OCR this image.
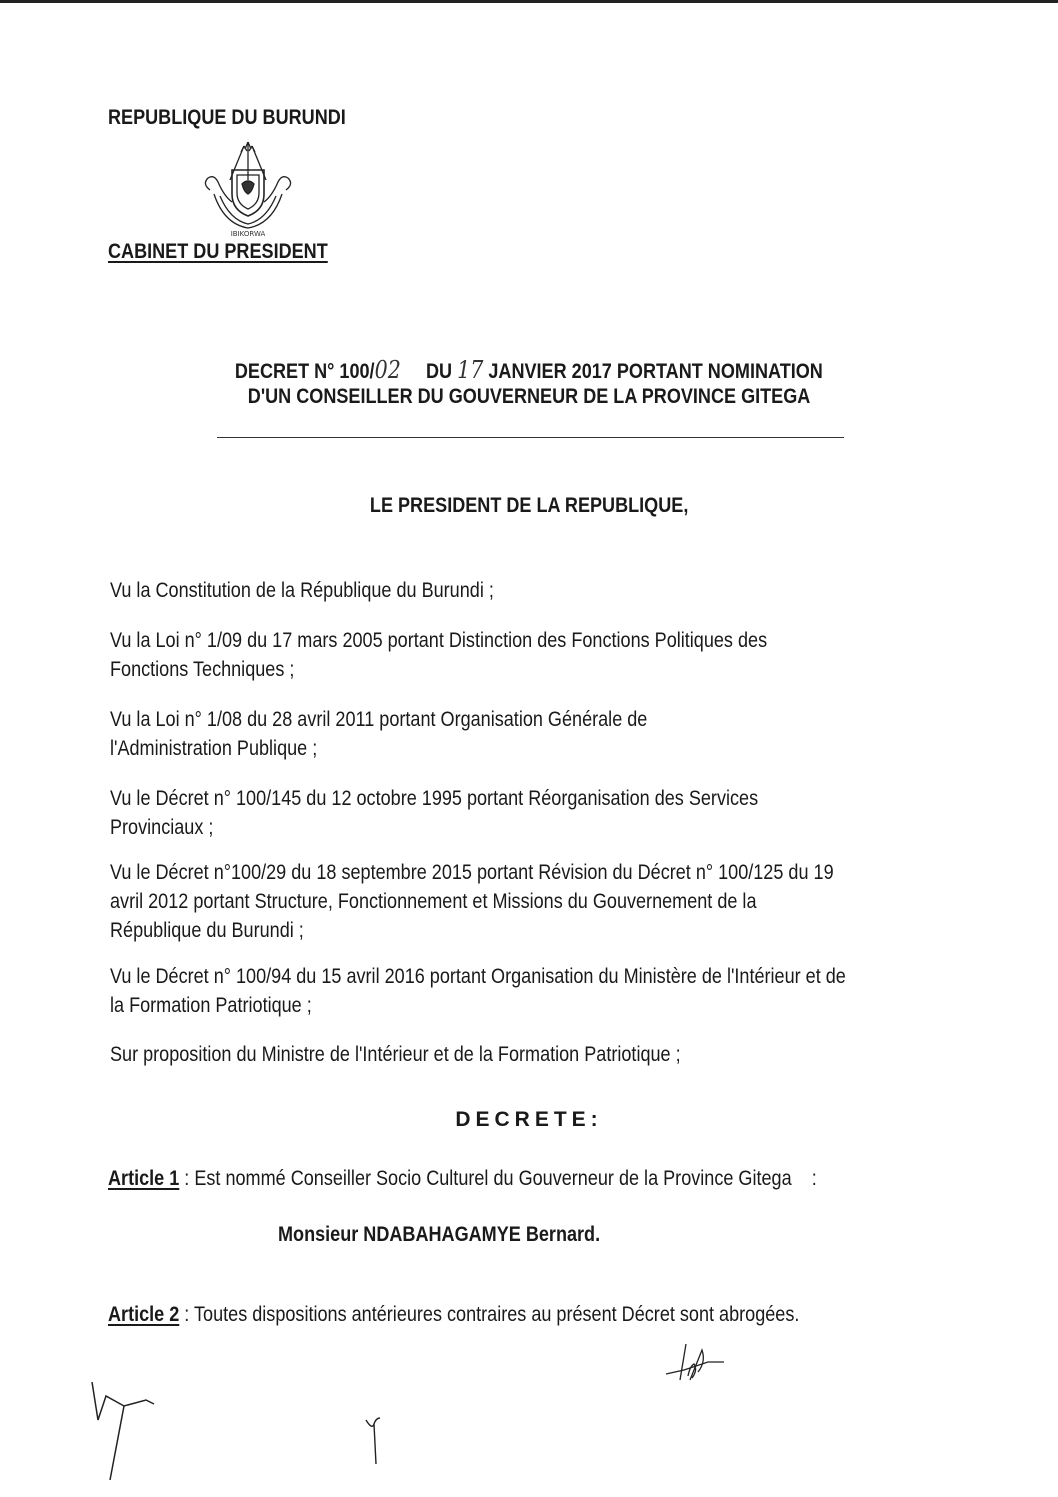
REPUBLIQUE DU BURUNDI
IBIKORWA
CABINET DU PRESIDENT
DECRET N° 100/02 DU 17 JANVIER 2017 PORTANT NOMINATION
D'UN CONSEILLER DU GOUVERNEUR DE LA PROVINCE GITEGA
LE PRESIDENT DE LA REPUBLIQUE,
Vu la Constitution de la République du Burundi ;
Vu la Loi n° 1/09 du 17 mars 2005 portant Distinction des Fonctions Politiques des
Fonctions Techniques ;
Vu la Loi n° 1/08 du 28 avril 2011 portant Organisation Générale de
l'Administration Publique ;
Vu le Décret n° 100/145 du 12 octobre 1995 portant Réorganisation des Services
Provinciaux ;
Vu le Décret n°100/29 du 18 septembre 2015 portant Révision du Décret n° 100/125 du 19
avril 2012 portant Structure, Fonctionnement et Missions du Gouvernement de la
République du Burundi ;
Vu le Décret n° 100/94 du 15 avril 2016 portant Organisation du Ministère de l'Intérieur et de
la Formation Patriotique ;
Sur proposition du Ministre de l'Intérieur et de la Formation Patriotique ;
DECRETE:
Article 1 : Est nommé Conseiller Socio Culturel du Gouverneur de la Province Gitega :
Monsieur NDABAHAGAMYE Bernard.
Article 2 : Toutes dispositions antérieures contraires au présent Décret sont abrogées.
